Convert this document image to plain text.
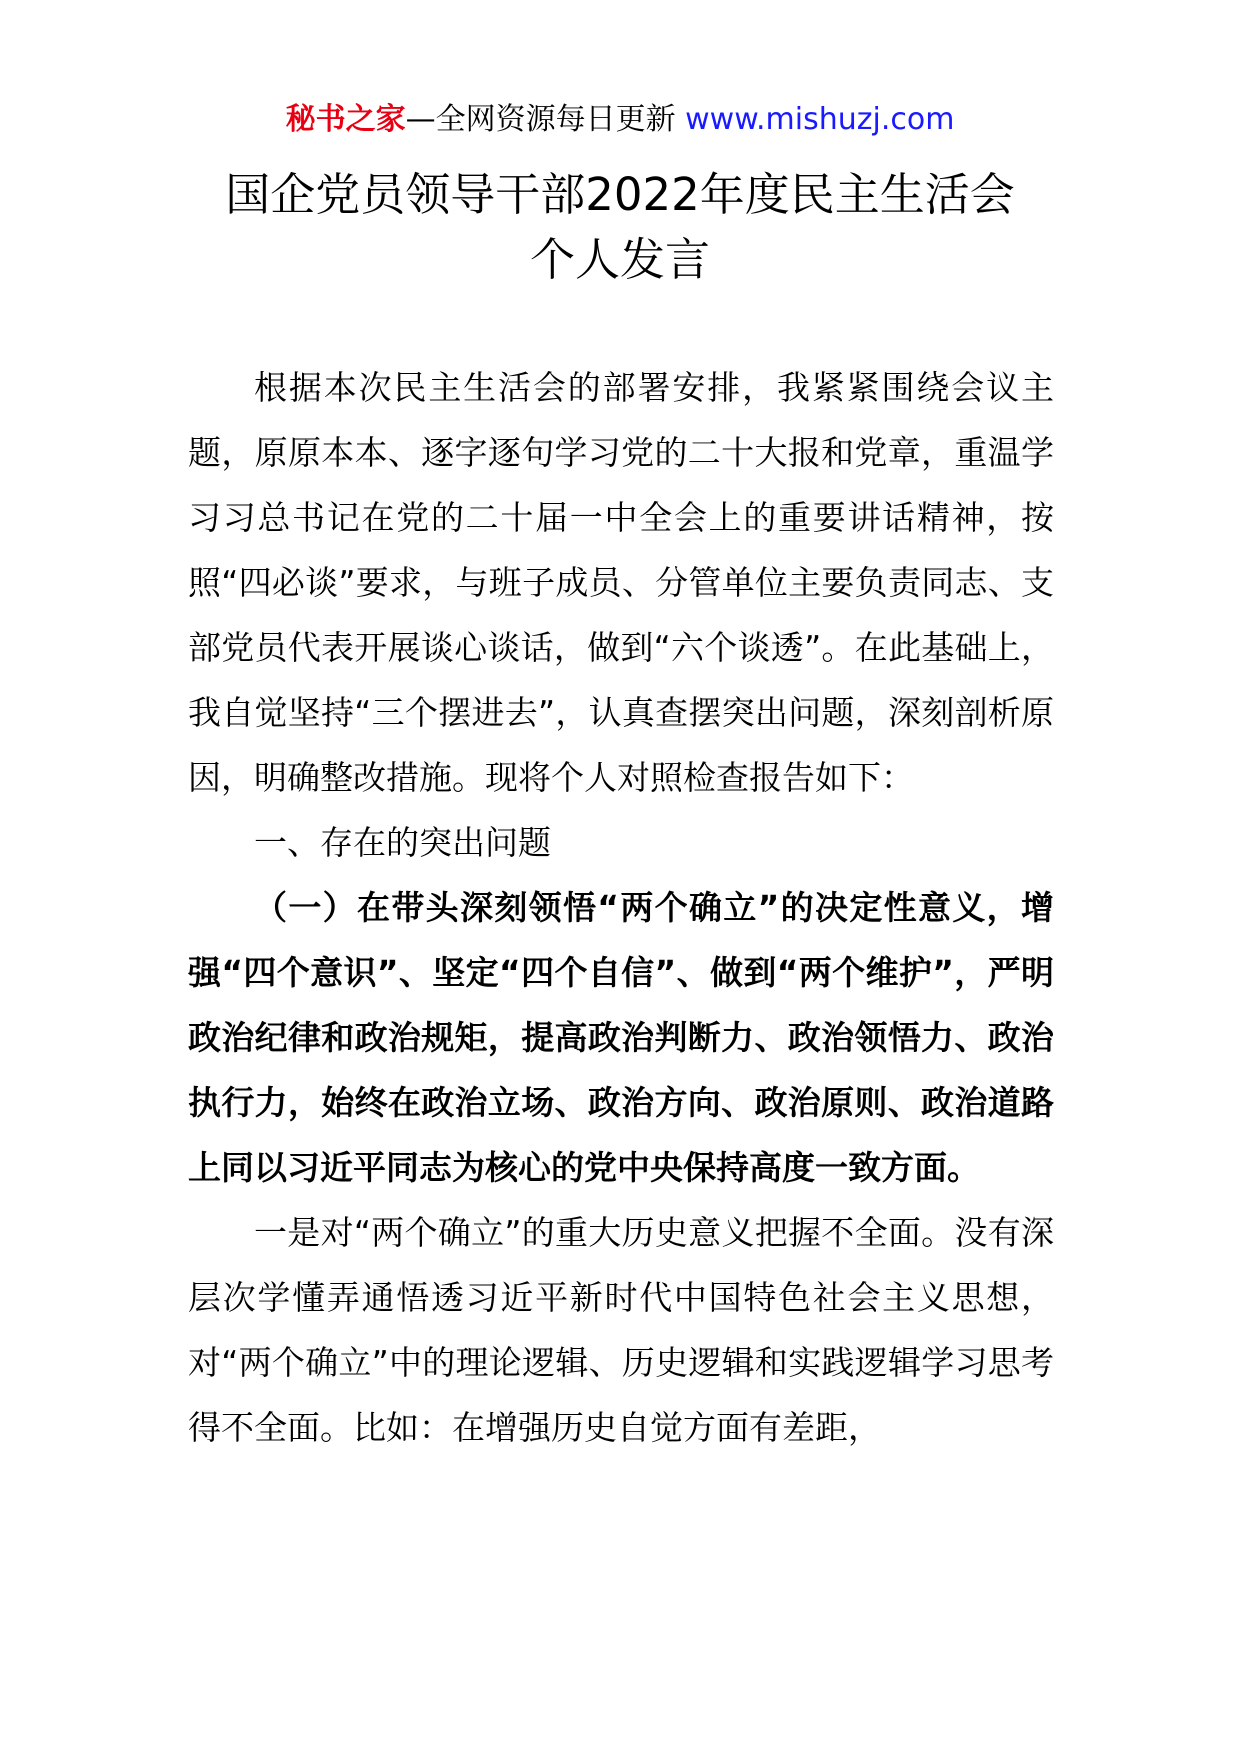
秘书之家—全网资源每日更新 www.mishuzj.com
国企党员领导干部2022年度民主生活会
个人发言

根据本次民主生活会的部署安排，我紧紧围绕会议主题，原原本本、逐字逐句学习党的二十大报和党章，重温学习习总书记在党的二十届一中全会上的重要讲话精神，按照“四必谈”要求，与班子成员、分管单位主要负责同志、支部党员代表开展谈心谈话，做到“六个谈透”。在此基础上，我自觉坚持“三个摆进去”，认真查摆突出问题，深刻剖析原因，明确整改措施。现将个人对照检查报告如下：

一、存在的突出问题

（一）在带头深刻领悟“两个确立”的决定性意义，增强“四个意识”、坚定“四个自信”、做到“两个维护”，严明政治纪律和政治规矩，提高政治判断力、政治领悟力、政治执行力，始终在政治立场、政治方向、政治原则、政治道路上同以习近平同志为核心的党中央保持高度一致方面。

一是对“两个确立”的重大历史意义把握不全面。没有深层次学懂弄通悟透习近平新时代中国特色社会主义思想，对“两个确立”中的理论逻辑、历史逻辑和实践逻辑学习思考得不全面。比如：在增强历史自觉方面有差距，
